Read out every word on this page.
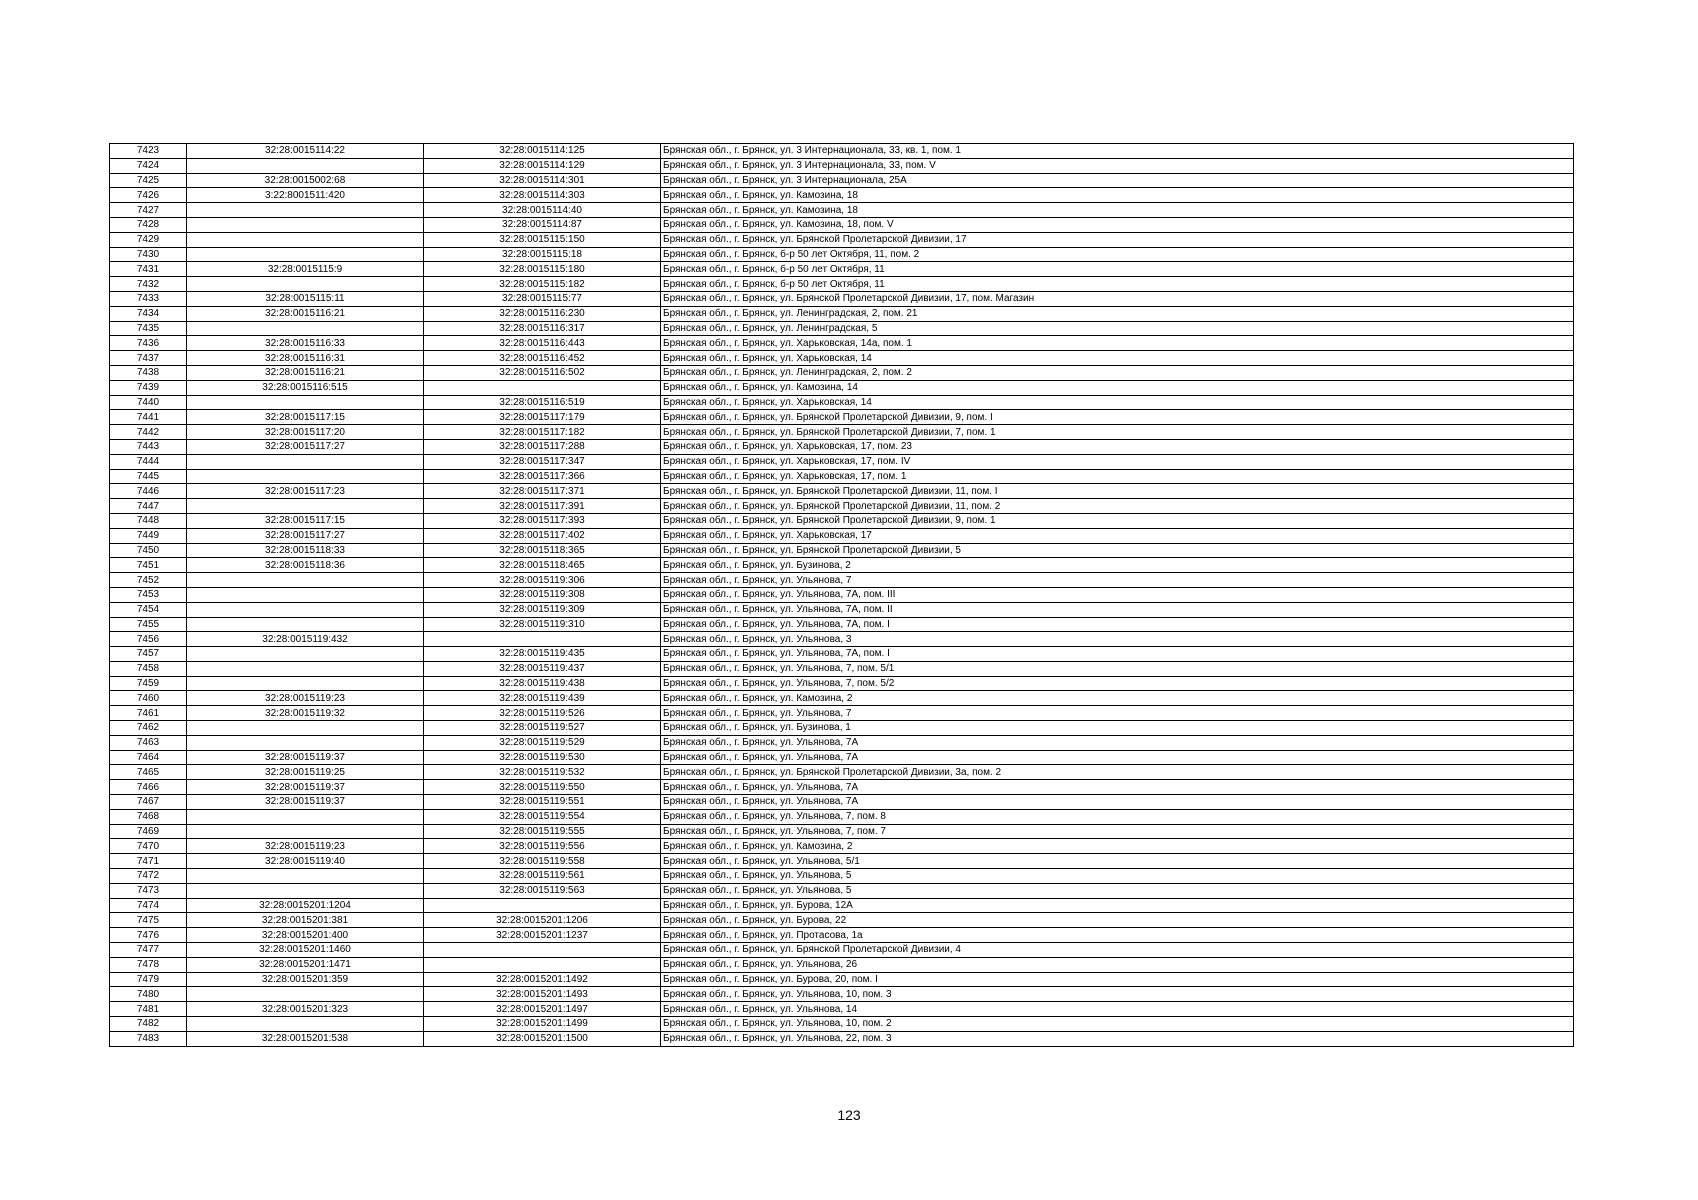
7423	32:28:0015114:22	32:28:0015114:125	Брянская обл., г. Брянск, ул. 3 Интернационала, 33, кв. 1, пом. 1
7424		32:28:0015114:129	Брянская обл., г. Брянск, ул. 3 Интернационала, 33, пом. V
7425	32:28:0015002:68	32:28:0015114:301	Брянская обл., г. Брянск, ул. 3 Интернационала, 25А
7426	3:22:8001511:420	32:28:0015114:303	Брянская обл., г. Брянск, ул. Камозина, 18
7427		32:28:0015114:40	Брянская обл., г. Брянск, ул. Камозина, 18
7428		32:28:0015114:87	Брянская обл., г. Брянск, ул. Камозина, 18, пом. V
7429		32:28:0015115:150	Брянская обл., г. Брянск, ул. Брянской Пролетарской Дивизии, 17
7430		32:28:0015115:18	Брянская обл., г. Брянск, б-р 50 лет Октября, 11, пом. 2
7431	32:28:0015115:9	32:28:0015115:180	Брянская обл., г. Брянск, б-р 50 лет Октября, 11
7432		32:28:0015115:182	Брянская обл., г. Брянск, б-р 50 лет Октября, 11
7433	32:28:0015115:11	32:28:0015115:77	Брянская обл., г. Брянск, ул. Брянской Пролетарской Дивизии, 17, пом. Магазин
7434	32:28:0015116:21	32:28:0015116:230	Брянская обл., г. Брянск, ул. Ленинградская, 2, пом. 21
7435		32:28:0015116:317	Брянская обл., г. Брянск, ул. Ленинградская, 5
7436	32:28:0015116:33	32:28:0015116:443	Брянская обл., г. Брянск, ул. Харьковская, 14а, пом. 1
7437	32:28:0015116:31	32:28:0015116:452	Брянская обл., г. Брянск, ул. Харьковская, 14
7438	32:28:0015116:21	32:28:0015116:502	Брянская обл., г. Брянск, ул. Ленинградская, 2, пом. 2
7439	32:28:0015116:515		Брянская обл., г. Брянск, ул. Камозина, 14
7440		32:28:0015116:519	Брянская обл., г. Брянск, ул. Харьковская, 14
7441	32:28:0015117:15	32:28:0015117:179	Брянская обл., г. Брянск, ул. Брянской Пролетарской Дивизии, 9, пом. I
7442	32:28:0015117:20	32:28:0015117:182	Брянская обл., г. Брянск, ул. Брянской Пролетарской Дивизии, 7, пом. 1
7443	32:28:0015117:27	32:28:0015117:288	Брянская обл., г. Брянск, ул. Харьковская, 17, пом. 23
7444		32:28:0015117:347	Брянская обл., г. Брянск, ул. Харьковская, 17, пом. IV
7445		32:28:0015117:366	Брянская обл., г. Брянск, ул. Харьковская, 17, пом. 1
7446	32:28:0015117:23	32:28:0015117:371	Брянская обл., г. Брянск, ул. Брянской Пролетарской Дивизии, 11, пом. I
7447		32:28:0015117:391	Брянская обл., г. Брянск, ул. Брянской Пролетарской Дивизии, 11, пом. 2
7448	32:28:0015117:15	32:28:0015117:393	Брянская обл., г. Брянск, ул. Брянской Пролетарской Дивизии, 9, пом. 1
7449	32:28:0015117:27	32:28:0015117:402	Брянская обл., г. Брянск, ул. Харьковская, 17
7450	32:28:0015118:33	32:28:0015118:365	Брянская обл., г. Брянск, ул. Брянской Пролетарской Дивизии, 5
7451	32:28:0015118:36	32:28:0015118:465	Брянская обл., г. Брянск, ул. Бузинова, 2
7452		32:28:0015119:306	Брянская обл., г. Брянск, ул. Ульянова, 7
7453		32:28:0015119:308	Брянская обл., г. Брянск, ул. Ульянова, 7А, пом. III
7454		32:28:0015119:309	Брянская обл., г. Брянск, ул. Ульянова, 7А, пом. II
7455		32:28:0015119:310	Брянская обл., г. Брянск, ул. Ульянова, 7А, пом. I
7456	32:28:0015119:432		Брянская обл., г. Брянск, ул. Ульянова, 3
7457		32:28:0015119:435	Брянская обл., г. Брянск, ул. Ульянова, 7А, пом. I
7458		32:28:0015119:437	Брянская обл., г. Брянск, ул. Ульянова, 7, пом. 5/1
7459		32:28:0015119:438	Брянская обл., г. Брянск, ул. Ульянова, 7, пом. 5/2
7460	32:28:0015119:23	32:28:0015119:439	Брянская обл., г. Брянск, ул. Камозина, 2
7461	32:28:0015119:32	32:28:0015119:526	Брянская обл., г. Брянск, ул. Ульянова, 7
7462		32:28:0015119:527	Брянская обл., г. Брянск, ул. Бузинова, 1
7463		32:28:0015119:529	Брянская обл., г. Брянск, ул. Ульянова, 7А
7464	32:28:0015119:37	32:28:0015119:530	Брянская обл., г. Брянск, ул. Ульянова, 7А
7465	32:28:0015119:25	32:28:0015119:532	Брянская обл., г. Брянск, ул. Брянской Пролетарской Дивизии, 3а, пом. 2
7466	32:28:0015119:37	32:28:0015119:550	Брянская обл., г. Брянск, ул. Ульянова, 7А
7467	32:28:0015119:37	32:28:0015119:551	Брянская обл., г. Брянск, ул. Ульянова, 7А
7468		32:28:0015119:554	Брянская обл., г. Брянск, ул. Ульянова, 7, пом. 8
7469		32:28:0015119:555	Брянская обл., г. Брянск, ул. Ульянова, 7, пом. 7
7470	32:28:0015119:23	32:28:0015119:556	Брянская обл., г. Брянск, ул. Камозина, 2
7471	32:28:0015119:40	32:28:0015119:558	Брянская обл., г. Брянск, ул. Ульянова, 5/1
7472		32:28:0015119:561	Брянская обл., г. Брянск, ул. Ульянова, 5
7473		32:28:0015119:563	Брянская обл., г. Брянск, ул. Ульянова, 5
7474	32:28:0015201:1204		Брянская обл., г. Брянск, ул. Бурова, 12А
7475	32:28:0015201:381	32:28:0015201:1206	Брянская обл., г. Брянск, ул. Бурова, 22
7476	32:28:0015201:400	32:28:0015201:1237	Брянская обл., г. Брянск, ул. Протасова, 1а
7477	32:28:0015201:1460		Брянская обл., г. Брянск, ул. Брянской Пролетарской Дивизии, 4
7478	32:28:0015201:1471		Брянская обл., г. Брянск, ул. Ульянова, 26
7479	32:28:0015201:359	32:28:0015201:1492	Брянская обл., г. Брянск, ул. Бурова, 20, пом. I
7480		32:28:0015201:1493	Брянская обл., г. Брянск, ул. Ульянова, 10, пом. 3
7481	32:28:0015201:323	32:28:0015201:1497	Брянская обл., г. Брянск, ул. Ульянова, 14
7482		32:28:0015201:1499	Брянская обл., г. Брянск, ул. Ульянова, 10, пом. 2
7483	32:28:0015201:538	32:28:0015201:1500	Брянская обл., г. Брянск, ул. Ульянова, 22, пом. 3
123
